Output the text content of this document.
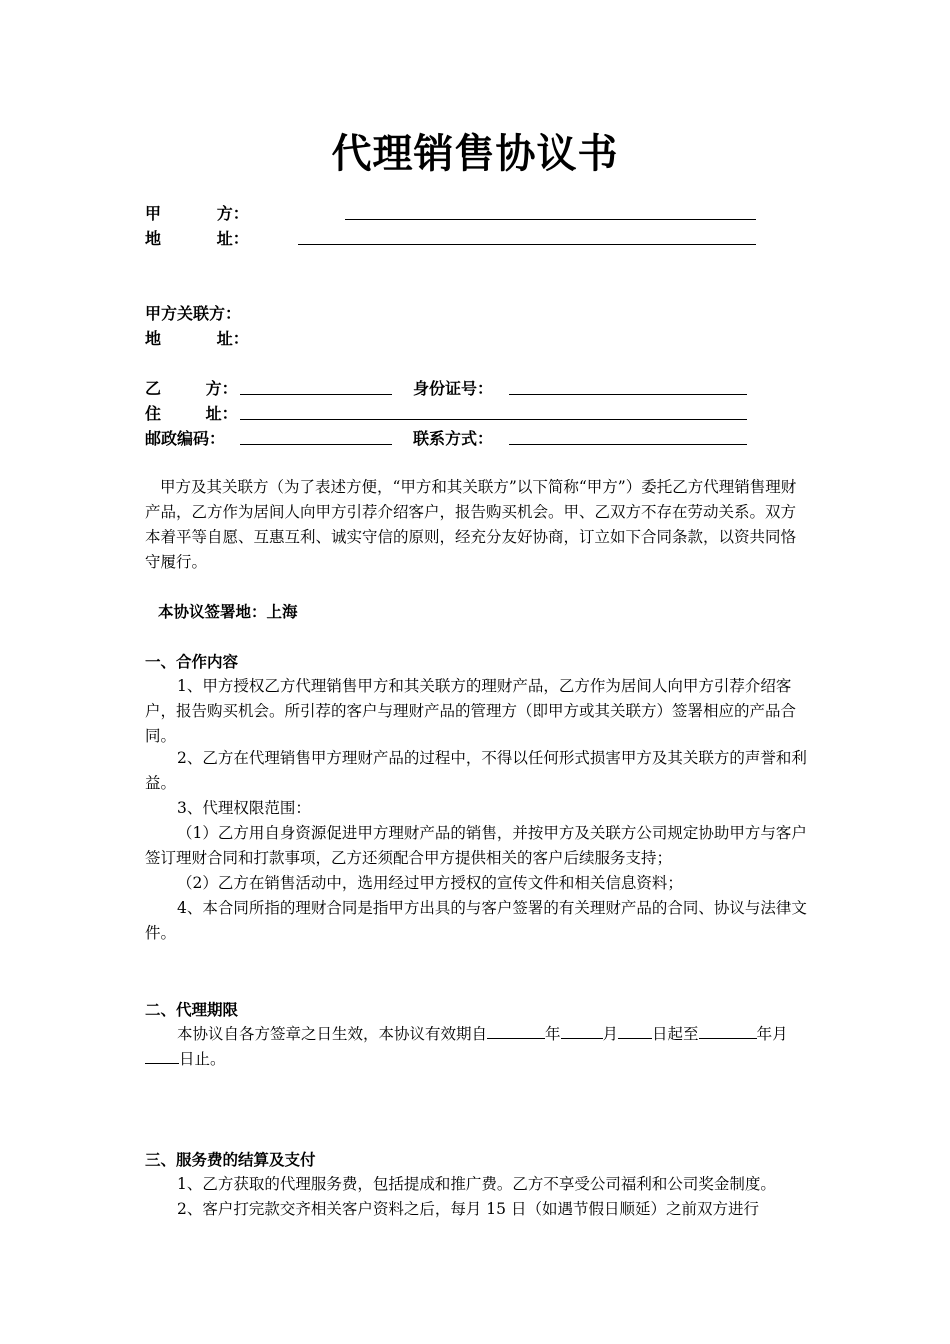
代理销售协议书
甲          方：
地          址：
甲方关联方：
地          址：
乙        方：	身份证号：
住        址：
邮政编码：	联系方式：
甲方及其关联方（为了表述方便，“甲方和其关联方”以下简称“甲方”）委托乙方代理销售理财产品，乙方作为居间人向甲方引荐介绍客户，报告购买机会。甲、乙双方不存在劳动关系。双方本着平等自愿、互惠互利、诚实守信的原则，经充分友好协商，订立如下合同条款，以资共同恪守履行。
本协议签署地：上海
一、合作内容
1、甲方授权乙方代理销售甲方和其关联方的理财产品，乙方作为居间人向甲方引荐介绍客户，报告购买机会。所引荐的客户与理财产品的管理方（即甲方或其关联方）签署相应的产品合同。
2、乙方在代理销售甲方理财产品的过程中，不得以任何形式损害甲方及其关联方的声誉和利益。
3、代理权限范围：
（1）乙方用自身资源促进甲方理财产品的销售，并按甲方及关联方公司规定协助甲方与客户签订理财合同和打款事项，乙方还须配合甲方提供相关的客户后续服务支持；
（2）乙方在销售活动中，选用经过甲方授权的宣传文件和相关信息资料；
4、本合同所指的理财合同是指甲方出具的与客户签署的有关理财产品的合同、协议与法律文件。
二、代理期限
本协议自各方签章之日生效，本协议有效期自	年	月 日起至	年月日止。
三、服务费的结算及支付
1、乙方获取的代理服务费，包括提成和推广费。乙方不享受公司福利和公司奖金制度。
2、客户打完款交齐相关客户资料之后，每月 15 日（如遇节假日顺延）之前双方进行
